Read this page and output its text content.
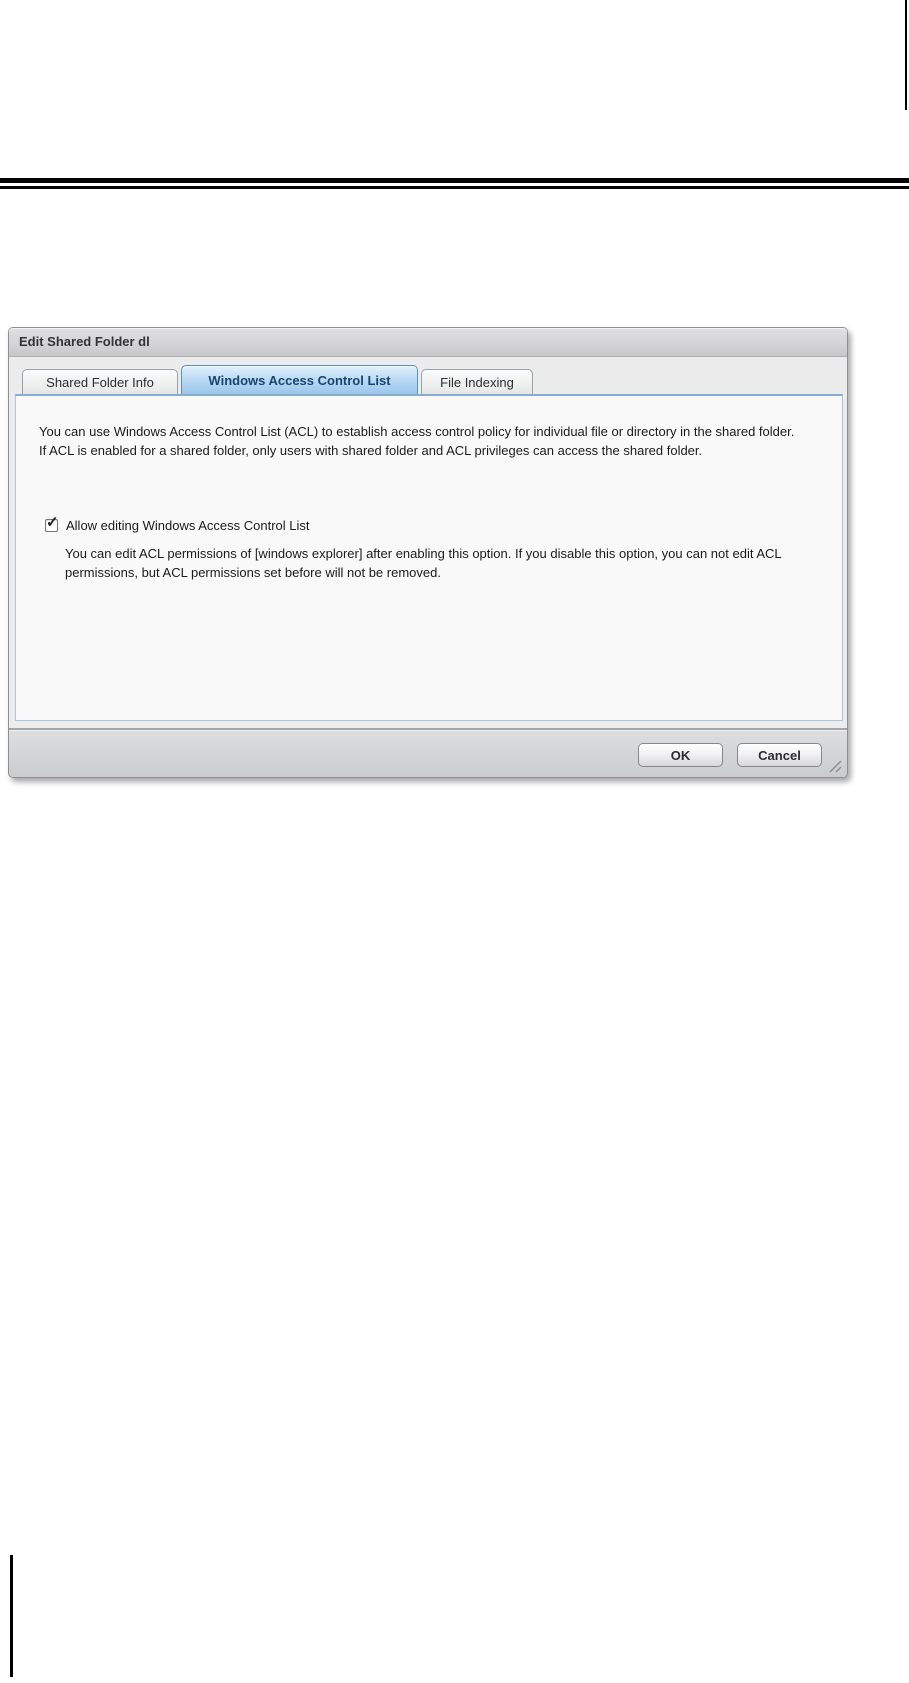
Edit Shared Folder dl
Shared Folder Info	Windows Access Control List	File Indexing
You can use Windows Access Control List (ACL) to establish access control policy for individual file or directory in the shared folder. If ACL is enabled for a shared folder, only users with shared folder and ACL privileges can access the shared folder.
✓ Allow editing Windows Access Control List
You can edit ACL permissions of [windows explorer] after enabling this option. If you disable this option, you can not edit ACL permissions, but ACL permissions set before will not be removed.
OK	Cancel
